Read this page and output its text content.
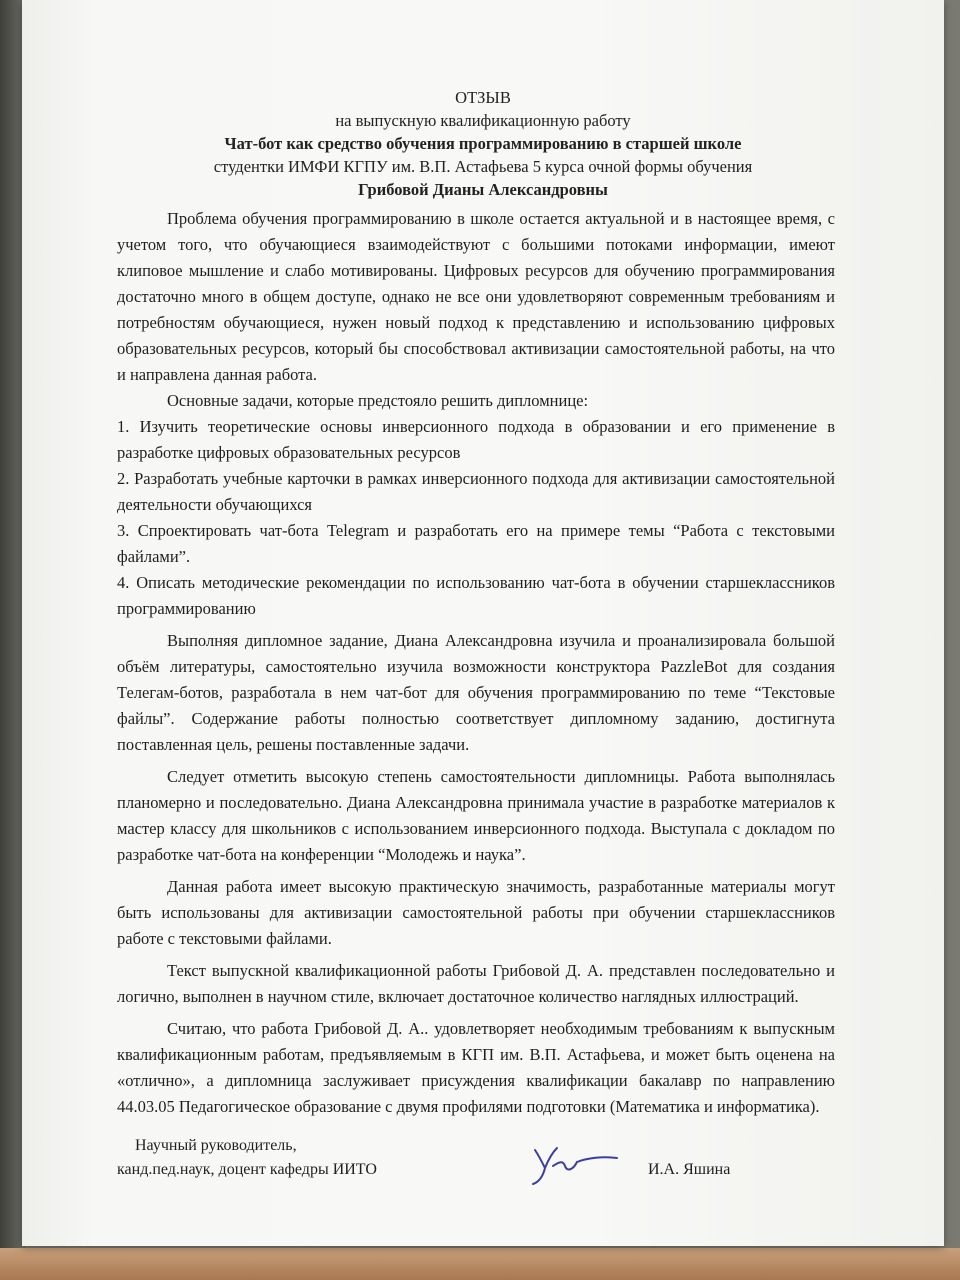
ОТЗЫВ
на выпускную квалификационную работу
Чат-бот как средство обучения программированию в старшей школе
студентки ИМФИ КГПУ им. В.П. Астафьева 5 курса очной формы обучения
Грибовой Дианы Александровны

Проблема обучения программированию в школе остается актуальной и в настоящее время, с учетом того, что обучающиеся взаимодействуют с большими потоками информации, имеют клиповое мышление и слабо мотивированы. Цифровых ресурсов для обучению программирования достаточно много в общем доступе, однако не все они удовлетворяют современным требованиям и потребностям обучающиеся, нужен новый подход к представлению и использованию цифровых образовательных ресурсов, который бы способствовал активизации самостоятельной работы, на что и направлена данная работа.

Основные задачи, которые предстояло решить дипломнице:

1. Изучить теоретические основы инверсионного подхода в образовании и его применение в разработке цифровых образовательных ресурсов

2. Разработать учебные карточки в рамках инверсионного подхода для активизации самостоятельной деятельности обучающихся

3. Спроектировать чат-бота Telegram и разработать его на примере темы “Работа с текстовыми файлами”.

4. Описать методические рекомендации по использованию чат-бота в обучении старшеклассников программированию

Выполняя дипломное задание, Диана Александровна изучила и проанализировала большой объём литературы, самостоятельно изучила возможности конструктора PazzleBot для создания Телегам-ботов, разработала в нем чат-бот для обучения программированию по теме “Текстовые файлы”. Содержание работы полностью соответствует дипломному заданию, достигнута поставленная цель, решены поставленные задачи.

Следует отметить высокую степень самостоятельности дипломницы. Работа выполнялась планомерно и последовательно. Диана Александровна принимала участие в разработке материалов к мастер классу для школьников с использованием инверсионного подхода. Выступала с докладом по разработке чат-бота на конференции “Молодежь и наука”.

Данная работа имеет высокую практическую значимость, разработанные материалы могут быть использованы для активизации самостоятельной работы при обучении старшеклассников работе с текстовыми файлами.

Текст выпускной квалификационной работы Грибовой Д. А. представлен последовательно и логично, выполнен в научном стиле, включает достаточное количество наглядных иллюстраций.

Считаю, что работа Грибовой Д. А.. удовлетворяет необходимым требованиям к выпускным квалификационным работам, предъявляемым в КГП им. В.П. Астафьева, и может быть оценена на «отлично», а дипломница заслуживает присуждения квалификации бакалавр по направлению 44.03.05 Педагогическое образование с двумя профилями подготовки (Математика и информатика).

Научный руководитель,
канд.пед.наук, доцент кафедры ИИТО	И.А. Яшина
